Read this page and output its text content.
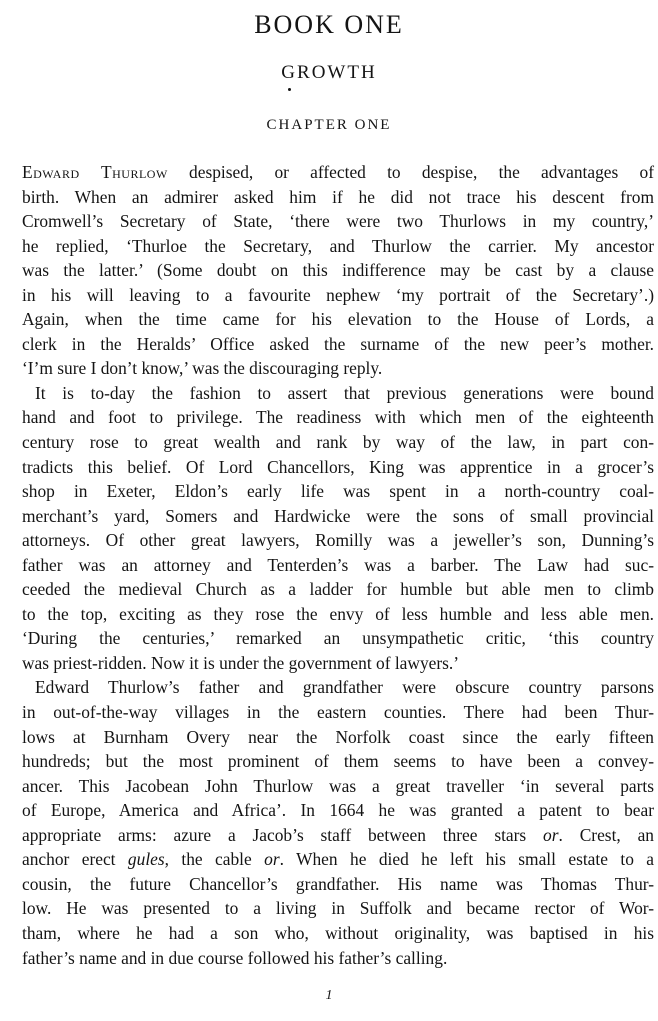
BOOK ONE
GROWTH
CHAPTER ONE
Edward Thurlow despised, or affected to despise, the advantages of
birth. When an admirer asked him if he did not trace his descent from
Cromwell’s Secretary of State, ‘there were two Thurlows in my country,’
he replied, ‘Thurloe the Secretary, and Thurlow the carrier. My ancestor
was the latter.’ (Some doubt on this indifference may be cast by a clause
in his will leaving to a favourite nephew ‘my portrait of the Secretary’.)
Again, when the time came for his elevation to the House of Lords, a
clerk in the Heralds’ Office asked the surname of the new peer’s mother.
‘I’m sure I don’t know,’ was the discouraging reply.
It is to-day the fashion to assert that previous generations were bound
hand and foot to privilege. The readiness with which men of the eighteenth
century rose to great wealth and rank by way of the law, in part con-
tradicts this belief. Of Lord Chancellors, King was apprentice in a grocer’s
shop in Exeter, Eldon’s early life was spent in a north-country coal-
merchant’s yard, Somers and Hardwicke were the sons of small provincial
attorneys. Of other great lawyers, Romilly was a jeweller’s son, Dunning’s
father was an attorney and Tenterden’s was a barber. The Law had suc-
ceeded the medieval Church as a ladder for humble but able men to climb
to the top, exciting as they rose the envy of less humble and less able men.
‘During the centuries,’ remarked an unsympathetic critic, ‘this country
was priest-ridden. Now it is under the government of lawyers.’
Edward Thurlow’s father and grandfather were obscure country parsons
in out-of-the-way villages in the eastern counties. There had been Thur-
lows at Burnham Overy near the Norfolk coast since the early fifteen
hundreds; but the most prominent of them seems to have been a convey-
ancer. This Jacobean John Thurlow was a great traveller ‘in several parts
of Europe, America and Africa’. In 1664 he was granted a patent to bear
appropriate arms: azure a Jacob’s staff between three stars or. Crest, an
anchor erect gules, the cable or. When he died he left his small estate to a
cousin, the future Chancellor’s grandfather. His name was Thomas Thur-
low. He was presented to a living in Suffolk and became rector of Wor-
tham, where he had a son who, without originality, was baptised in his
father’s name and in due course followed his father’s calling.
1
